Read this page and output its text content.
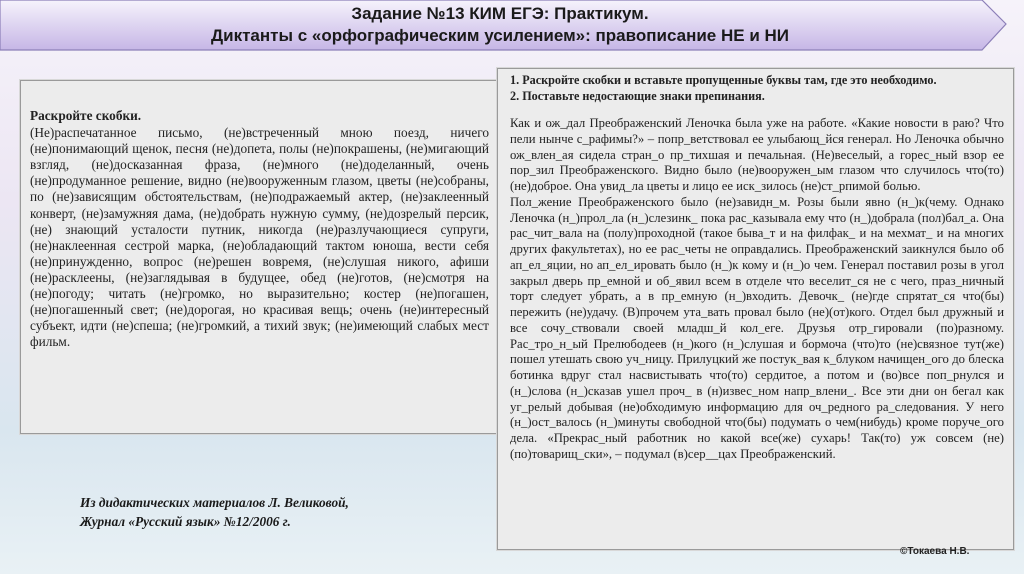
Задание №13 КИМ ЕГЭ: Практикум.
Диктанты с «орфографическим усилением»: правописание НЕ и НИ
Раскройте скобки.
(Не)распечатанное письмо, (не)встреченный мною поезд, ничего (не)понимающий щенок, песня (не)допета, полы (не)покрашены, (не)мигающий взгляд, (не)досказанная фраза, (не)много (не)доделанный, очень (не)продуманное решение, видно (не)вооруженным глазом, цветы (не)собраны, по (не)зависящим обстоятельствам, (не)подражаемый актер, (не)заклеенный конверт, (не)замужняя дама, (не)добрать нужную сумму, (не)дозрелый персик, (не) знающий усталости путник, никогда (не)разлучающиеся супруги, (не)наклеенная сестрой марка, (не)обладающий тактом юноша, вести себя (не)принужденно, вопрос (не)решен вовремя, (не)слушая никого, афиши (не)расклеены, (не)заглядывая в будущее, обед (не)готов, (не)смотря на (не)погоду; читать (не)громко, но выразительно; костер (не)погашен, (не)погашенный свет; (не)дорогая, но красивая вещь; очень (не)интересный субъект, идти (не)спеша; (не)громкий, а тихий звук; (не)имеющий слабых мест фильм.
1. Раскройте скобки и вставьте пропущенные буквы там, где это необходимо.
2. Поставьте недостающие знаки препинания.
Как и ож_дал Преображенский Леночка была уже на работе. «Какие новости в раю? Что пели нынче с_рафимы?» – попр_ветствовал ее улыбающ_йся генерал. Но Леночка обычно ож_влен_ая сидела стран_о пр_тихшая и печальная. (Не)веселый, а горес_ный взор ее пор_зил Преображенского. Видно было (не)вооружен_ым глазом что случилось что(то) (не)доброе. Она увид_ла цветы и лицо ее иск_зилось (не)ст_рпимой болью.
Пол_жение Преображенского было (не)завидн_м. Розы были явно (н_)к(чему. Однако Леночка (н_)прол_ла (н_)слезинк_ пока рас_казывала ему что (н_)добрала (пол)бал_а. Она рас_чит_вала на (полу)проходной (такое быва_т и на филфак_ и на мехмат_ и на многих других факультетах), но ее рас_четы не оправдались. Преображенский заикнулся было об ап_ел_яции, но ап_ел_ировать было (н_)к кому и (н_)о чем. Генерал поставил розы в угол закрыл дверь пр_емной и об_явил всем в отделе что веселит_ся не с чего, праз_ничный торт следует убрать, а в пр_емную (н_)входить. Девочк_ (не)где спрятат_ся что(бы) пережить (не)удачу. (В)прочем ута_вать провал было (не)(от)кого. Отдел был дружный и все сочу_ствовали своей младш_й кол_еге. Друзья отр_гировали (по)разному. Рас_тро_н_ый Прелюбодеев (н_)кого (н_)слушая и бормоча (что)то (не)связное тут(же) пошел утешать свою уч_ницу. Прилуцкий же постук_вая к_блуком начищен_ого до блеска ботинка вдруг стал насвистывать что(то) сердитое, а потом и (во)все поп_рнулся и (н_)слова (н_)сказав ушел проч_ в (н)извес_ном напр_влени_. Все эти дни он бегал как уг_релый добывая (не)обходимую информацию для оч_редного ра_следования. У него (н_)ост_валось (н_)минуты свободной что(бы) подумать о чем(нибудь) кроме поруче_ого дела. «Прекрас_ный работник но какой все(же) сухарь! Так(то) уж совсем (не)(по)товарищ_ски», – подумал (в)сер__цах Преображенский.
Из дидактических материалов Л. Великовой,
Журнал «Русский язык» №12/2006 г.
©Токаева Н.В.
